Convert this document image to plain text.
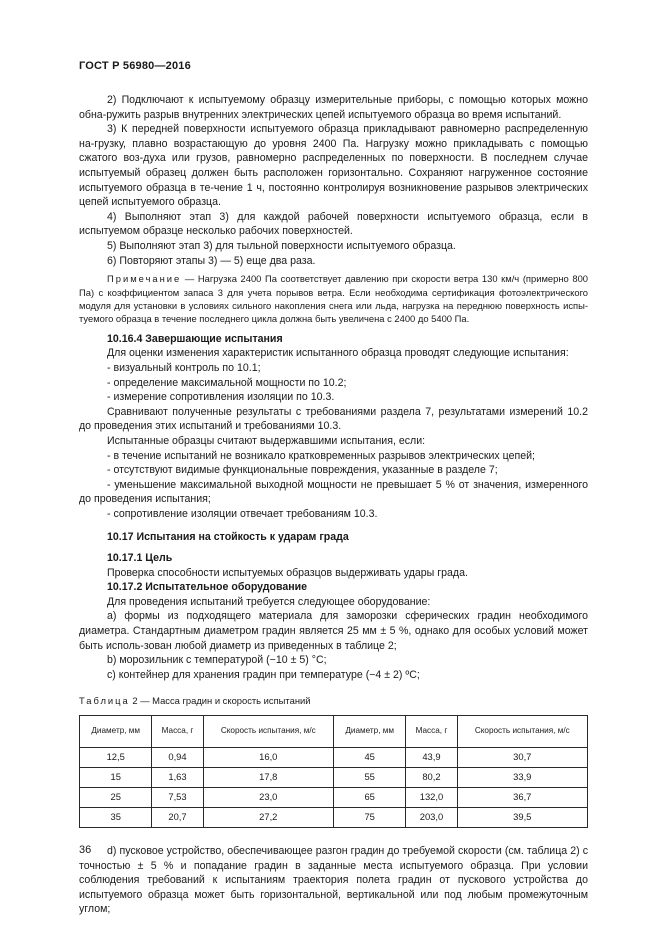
ГОСТ Р 56980—2016

2) Подключают к испытуемому образцу измерительные приборы, с помощью которых можно обна-ружить разрыв внутренних электрических цепей испытуемого образца во время испытаний.

3) К передней поверхности испытуемого образца прикладывают равномерно распределенную на-грузку, плавно возрастающую до уровня 2400 Па. Нагрузку можно прикладывать с помощью сжатого воз-духа или грузов, равномерно распределенных по поверхности. В последнем случае испытуемый образец должен быть расположен горизонтально. Сохраняют нагруженное состояние испытуемого образца в те-чение 1 ч, постоянно контролируя возникновение разрывов электрических цепей испытуемого образца.

4) Выполняют этап 3) для каждой рабочей поверхности испытуемого образца, если в испытуемом образце несколько рабочих поверхностей.

5) Выполняют этап 3) для тыльной поверхности испытуемого образца.

6) Повторяют этапы 3) — 5) еще два раза.

Примечание — Нагрузка 2400 Па соответствует давлению при скорости ветра 130 км/ч (примерно 800 Па) с коэффициентом запаса 3 для учета порывов ветра. Если необходима сертификация фотоэлектрического модуля для установки в условиях сильного накопления снега или льда, нагрузка на переднюю поверхность испы-туемого образца в течение последнего цикла должна быть увеличена с 2400 до 5400 Па.

10.16.4 Завершающие испытания

Для оценки изменения характеристик испытанного образца проводят следующие испытания:

- визуальный контроль по 10.1;

- определение максимальной мощности по 10.2;

- измерение сопротивления изоляции по 10.3.

Сравнивают полученные результаты с требованиями раздела 7, результатами измерений 10.2 до проведения этих испытаний и требованиями 10.3.

Испытанные образцы считают выдержавшими испытания, если:

- в течение испытаний не возникало кратковременных разрывов электрических цепей;

- отсутствуют видимые функциональные повреждения, указанные в разделе 7;

- уменьшение максимальной выходной мощности не превышает 5 % от значения, измеренного до проведения испытания;

- сопротивление изоляции отвечает требованиям 10.3.

10.17 Испытания на стойкость к ударам града

10.17.1 Цель

Проверка способности испытуемых образцов выдерживать удары града.

10.17.2 Испытательное оборудование

Для проведения испытаний требуется следующее оборудование:

a) формы из подходящего материала для заморозки сферических градин необходимого диаметра. Стандартным диаметром градин является 25 мм ± 5 %, однако для особых условий может быть исполь-зован любой диаметр из приведенных в таблице 2;

b) морозильник с температурой (−10 ± 5) °C;

c) контейнер для хранения градин при температуре (−4 ± 2) ºС;

Таблица 2 — Масса градин и скорость испытаний

Диаметр, мм	Масса, г	Скорость испытания, м/с	Диаметр, мм	Масса, г	Скорость испытания, м/с
12,5	0,94	16,0	45	43,9	30,7
15	1,63	17,8	55	80,2	33,9
25	7,53	23,0	65	132,0	36,7
35	20,7	27,2	75	203,0	39,5

d) пусковое устройство, обеспечивающее разгон градин до требуемой скорости (см. таблица 2) с точностью ± 5 % и попадание градин в заданные места испытуемого образца. При условии соблюдения требований к испытаниям траектория полета градин от пускового устройства до испытуемого образца может быть горизонтальной, вертикальной или под любым промежуточным углом;

36
